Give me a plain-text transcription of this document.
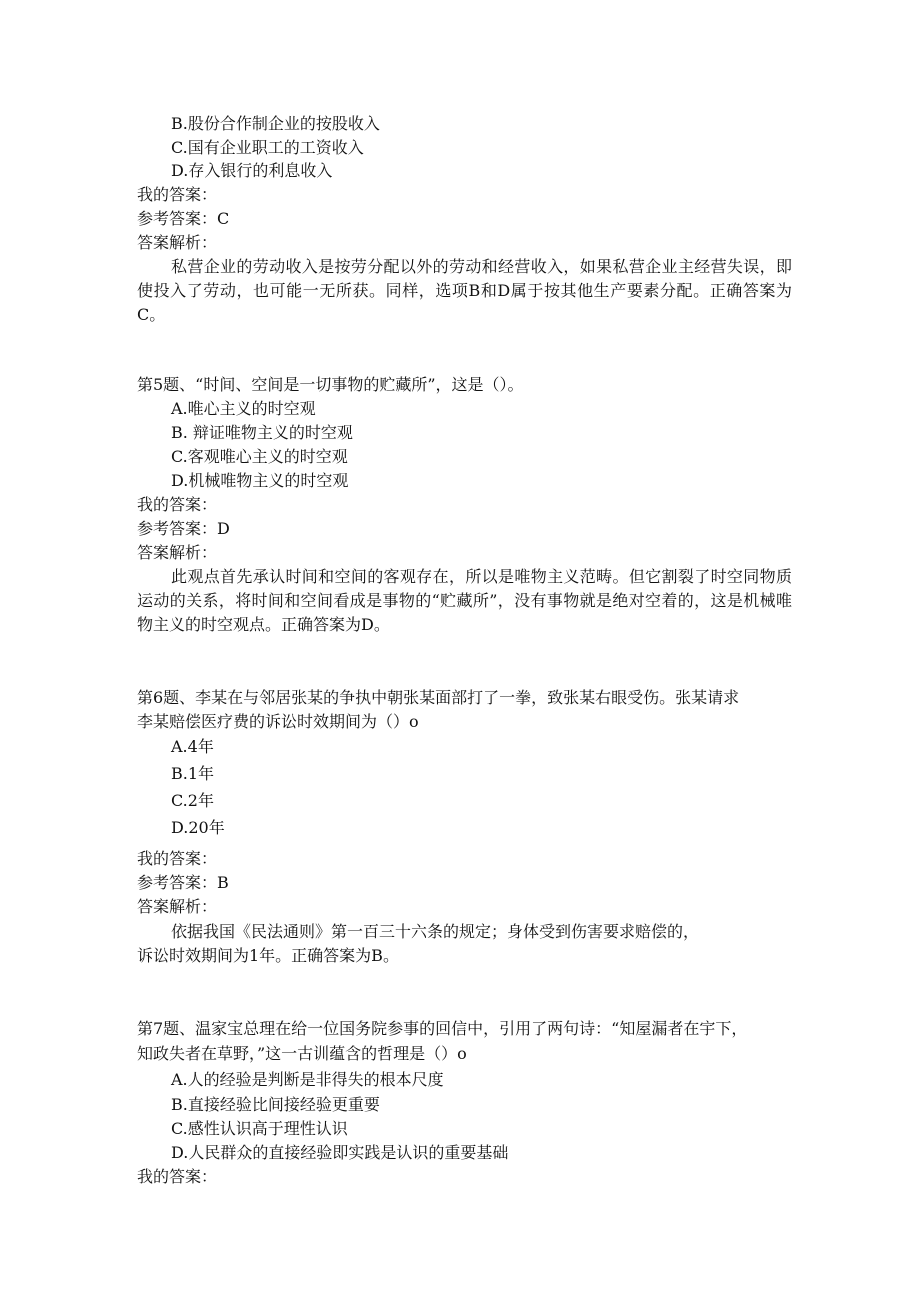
B.股份合作制企业的按股收入
C.国有企业职工的工资收入
D.存入银行的利息收入
我的答案：
参考答案：C
答案解析：
私营企业的劳动收入是按劳分配以外的劳动和经营收入，如果私营企业主经营失误，即使投入了劳动，也可能一无所获。同样，选项B和D属于按其他生产要素分配。正确答案为C。
第5题、“时间、空间是一切事物的贮藏所”，这是（）。
A.唯心主义的时空观
B. 辩证唯物主义的时空观
C.客观唯心主义的时空观
D.机械唯物主义的时空观
我的答案：
参考答案：D
答案解析：
此观点首先承认时间和空间的客观存在，所以是唯物主义范畴。但它割裂了时空同物质运动的关系，将时间和空间看成是事物的“贮藏所”，没有事物就是绝对空着的，这是机械唯物主义的时空观点。正确答案为D。
第6题、李某在与邻居张某的争执中朝张某面部打了一拳，致张某右眼受伤。张某请求
李某赔偿医疗费的诉讼时效期间为（）o
A.4年
B.1年
C.2年
D.20年
我的答案：
参考答案：B
答案解析：
依据我国《民法通则》第一百三十六条的规定；身体受到伤害要求赔偿的，
诉讼时效期间为1年。正确答案为B。
第7题、温家宝总理在给一位国务院参事的回信中，引用了两句诗：“知屋漏者在宇下，
知政失者在草野，”这一古训蕴含的哲理是（）o
A.人的经验是判断是非得失的根本尺度
B.直接经验比间接经验更重要
C.感性认识高于理性认识
D.人民群众的直接经验即实践是认识的重要基础
我的答案：
